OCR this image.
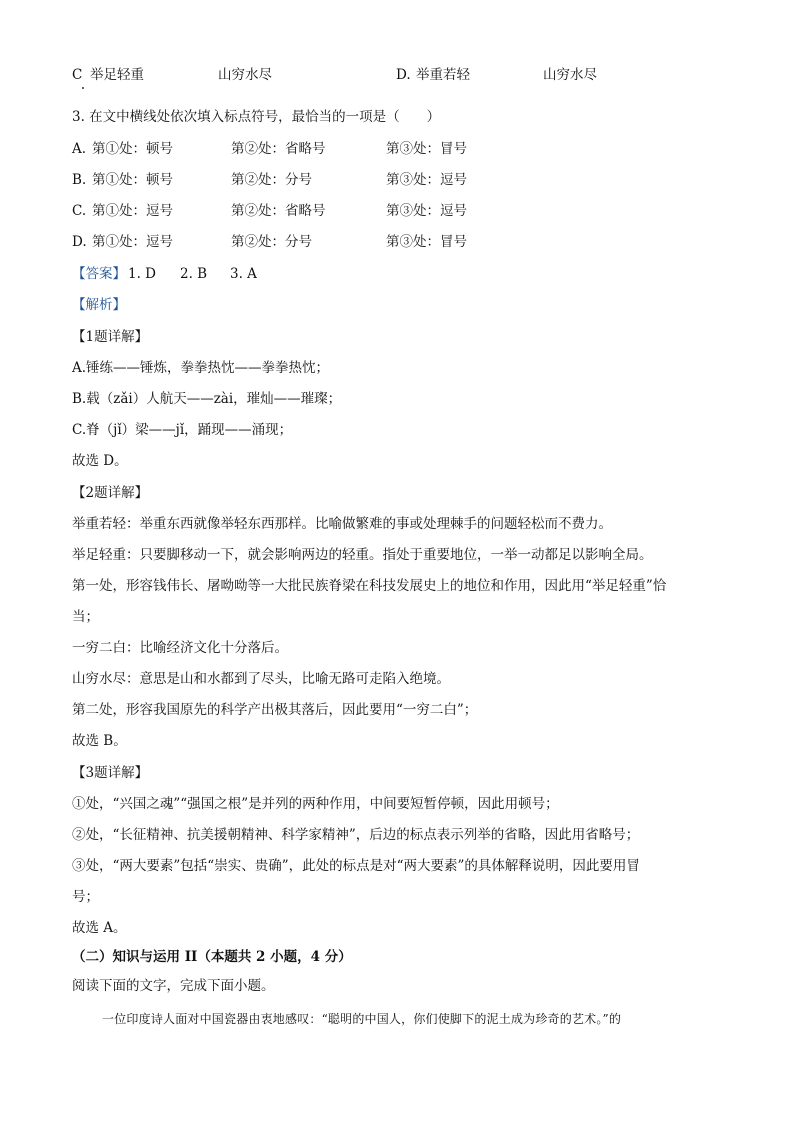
C 举足轻重	山穷水尽	D. 举重若轻	山穷水尽
3. 在文中横线处依次填入标点符号，最恰当的一项是（　　）
A. 第①处：顿号	第②处：省略号	第③处：冒号
B. 第①处：顿号	第②处：分号	第③处：逗号
C. 第①处：逗号	第②处：省略号	第③处：逗号
D. 第①处：逗号	第②处：分号	第③处：冒号
【答案】 1. D 2. B 3. A
【解析】
【1题详解】
A.锤练——锤炼，拳拳热忱——拳拳热忱；
B.载（zǎi）人航天——zài，璀灿——璀璨；
C.脊（jǐ）梁——jǐ，踊现——涌现；
故选 D。
【2题详解】
举重若轻：举重东西就像举轻东西那样。比喻做繁难的事或处理棘手的问题轻松而不费力。
举足轻重：只要脚移动一下，就会影响两边的轻重。指处于重要地位，一举一动都足以影响全局。
第一处，形容钱伟长、屠呦呦等一大批民族脊梁在科技发展史上的地位和作用，因此用“举足轻重”恰
当；
一穷二白：比喻经济文化十分落后。
山穷水尽：意思是山和水都到了尽头，比喻无路可走陷入绝境。
第二处，形容我国原先的科学产出极其落后，因此要用“一穷二白”；
故选 B。
【3题详解】
①处，“兴国之魂”“强国之根”是并列的两种作用，中间要短暂停顿，因此用顿号；
②处，“长征精神、抗美援朝精神、科学家精神”，后边的标点表示列举的省略，因此用省略号；
③处，“两大要素”包括“崇实、贵确”，此处的标点是对“两大要素”的具体解释说明，因此要用冒
号；
故选 A。
（二）知识与运用 II（本题共 2 小题，4 分）
阅读下面的文字，完成下面小题。
一位印度诗人面对中国瓷器由衷地感叹：“聪明的中国人，你们使脚下的泥土成为珍奇的艺术。”的
